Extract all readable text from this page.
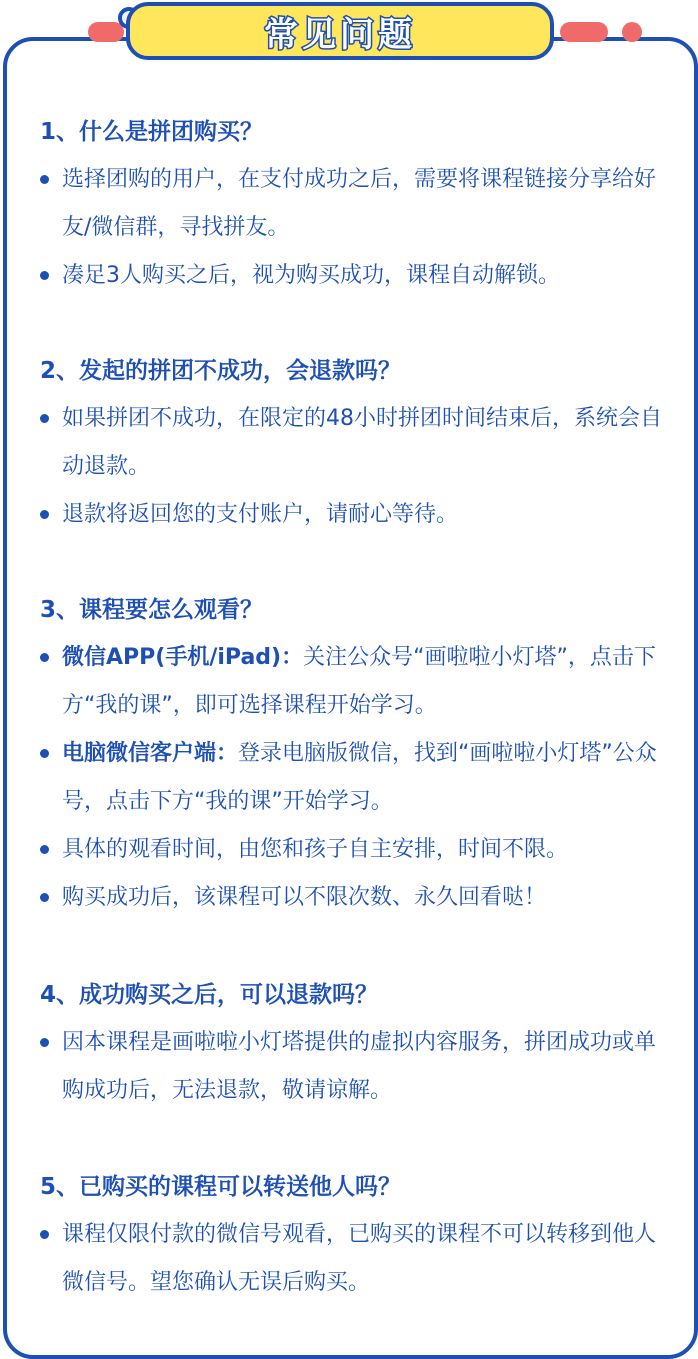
常见问题

1、什么是拼团购买？

选择团购的用户，在支付成功之后，需要将课程链接分享给好友/微信群，寻找拼友。

凑足3人购买之后，视为购买成功，课程自动解锁。

2、发起的拼团不成功，会退款吗？

如果拼团不成功，在限定的48小时拼团时间结束后，系统会自动退款。

退款将返回您的支付账户，请耐心等待。

3、课程要怎么观看？

微信APP(手机/iPad)：关注公众号“画啦啦小灯塔”，点击下方“我的课”，即可选择课程开始学习。

电脑微信客户端：登录电脑版微信，找到“画啦啦小灯塔”公众号，点击下方“我的课”开始学习。

具体的观看时间，由您和孩子自主安排，时间不限。

购买成功后，该课程可以不限次数、永久回看哒！

4、成功购买之后，可以退款吗？

因本课程是画啦啦小灯塔提供的虚拟内容服务，拼团成功或单购成功后，无法退款，敬请谅解。

5、已购买的课程可以转送他人吗？

课程仅限付款的微信号观看，已购买的课程不可以转移到他人微信号。望您确认无误后购买。
